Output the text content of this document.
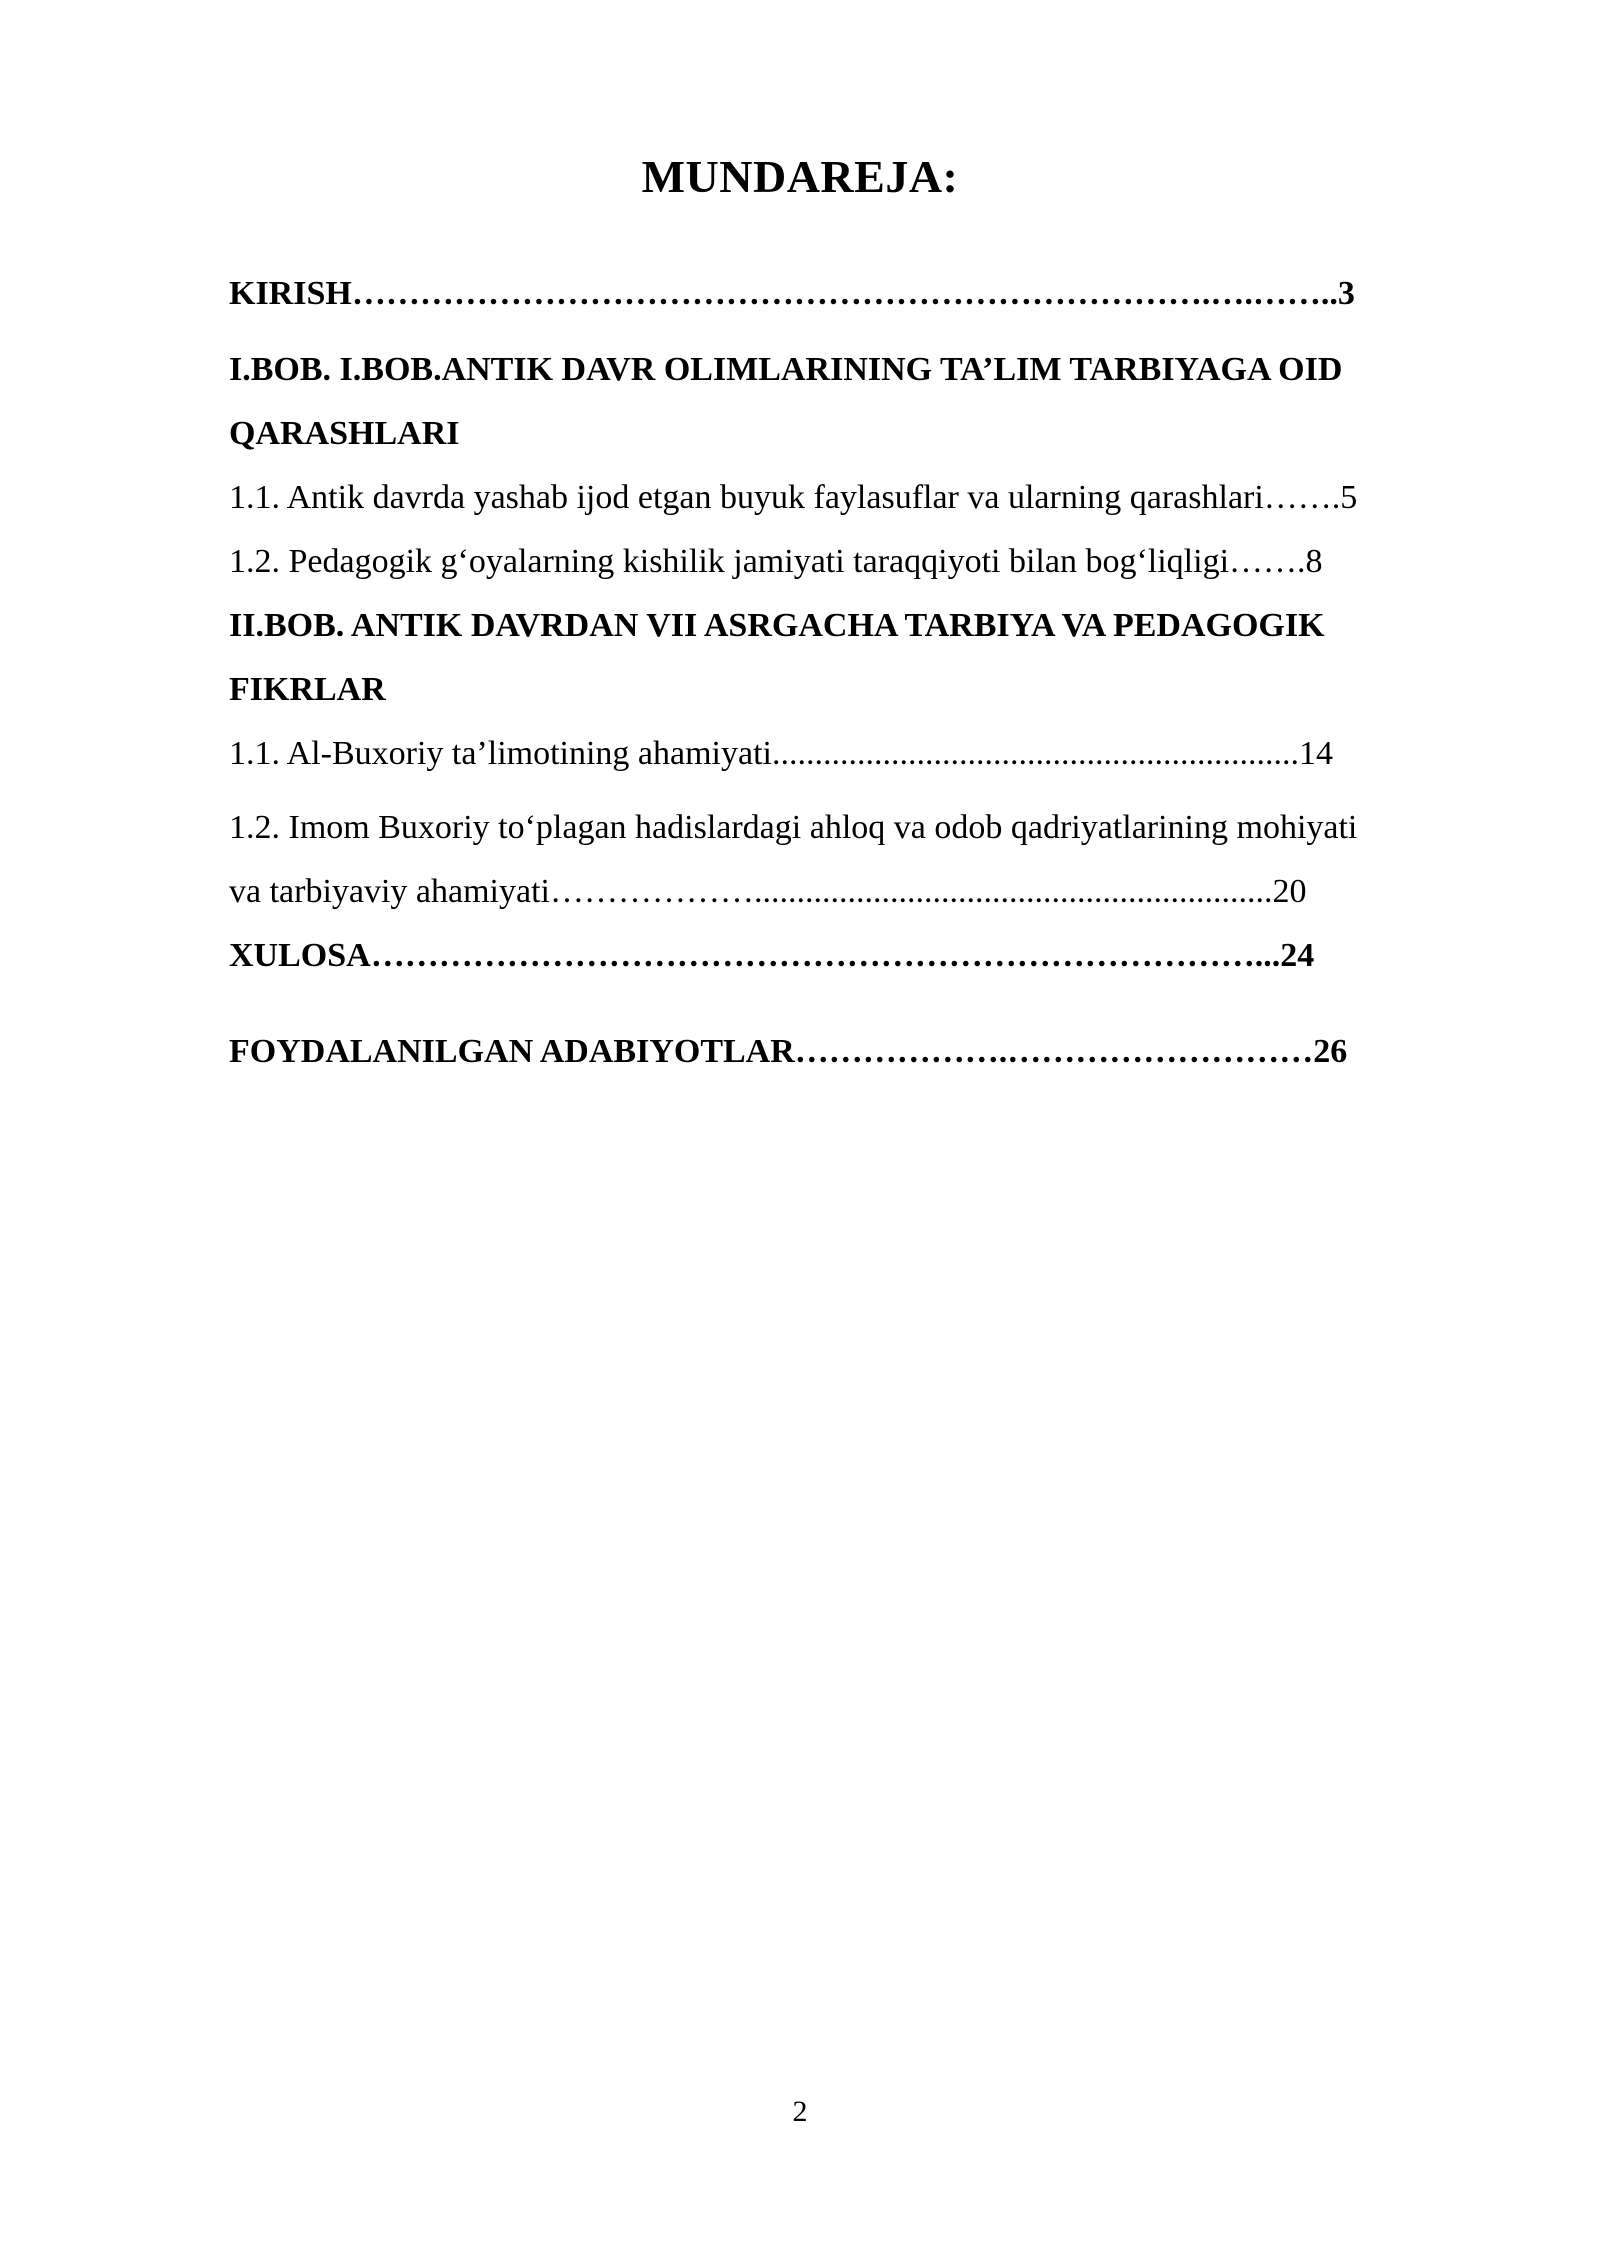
MUNDAREJA:
KIRISH………………………………………………………………….….……..3
I.BOB. I.BOB.ANTIK DAVR OLIMLARINING TA’LIM TARBIYAGA OID
QARASHLARI
1.1. Antik davrda yashab ijod etgan buyuk faylasuflar va ularning qarashlari…….5
1.2. Pedagogik g‘oyalarning kishilik jamiyati taraqqiyoti bilan bog‘liqligi…….8
II.BOB. ANTIK DAVRDAN VII ASRGACHA TARBIYA VA PEDAGOGIK
FIKRLAR
1.1. Al-Buxoriy ta’limotining ahamiyati..............................................................14
1.2. Imom Buxoriy to‘plagan hadislardagi ahloq va odob qadriyatlarining mohiyati
va tarbiyaviy ahamiyati……………….............................................................20
XULOSA……………………………………………………………………...24
FOYDALANILGAN ADABIYOTLAR……………….………………………26
2
